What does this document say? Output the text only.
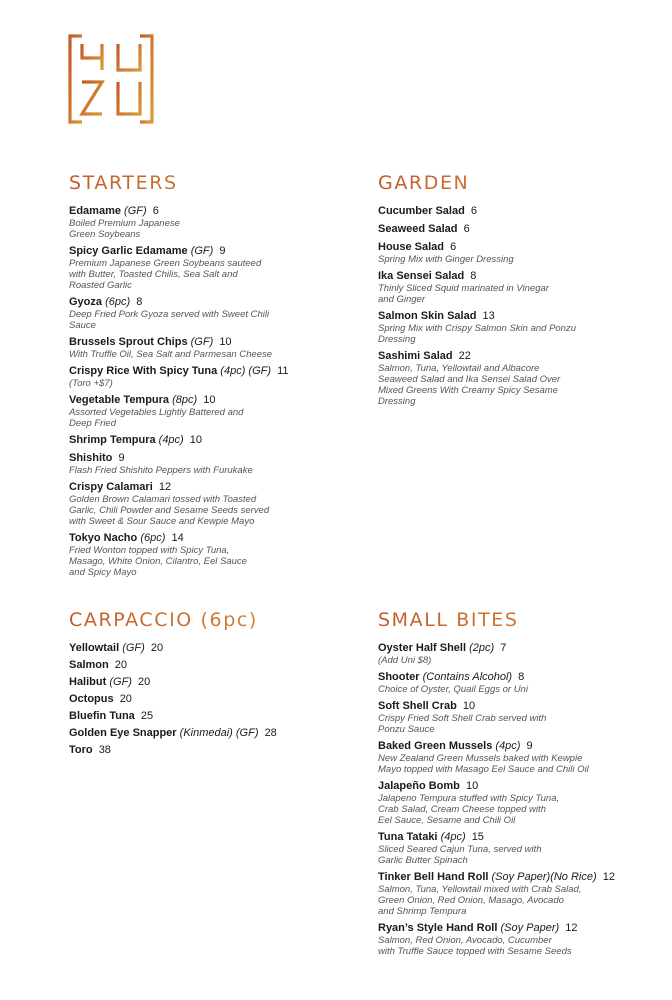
STARTERS
Edamame (GF) 6
Boiled Premium Japanese
Green Soybeans
Spicy Garlic Edamame (GF) 9
Premium Japanese Green Soybeans sauteed
with Butter, Toasted Chilis, Sea Salt and
Roasted Garlic
Gyoza (6pc) 8
Deep Fried Pork Gyoza served with Sweet Chili
Sauce
Brussels Sprout Chips (GF) 10
With Truffle Oil, Sea Salt and Parmesan Cheese
Crispy Rice With Spicy Tuna (4pc) (GF) 11
(Toro +$7)
Vegetable Tempura (8pc) 10
Assorted Vegetables Lightly Battered and
Deep Fried
Shrimp Tempura (4pc) 10
Shishito 9
Flash Fried Shishito Peppers with Furukake
Crispy Calamari 12
Golden Brown Calamari tossed with Toasted
Garlic, Chili Powder and Sesame Seeds served
with Sweet & Sour Sauce and Kewpie Mayo
Tokyo Nacho (6pc) 14
Fried Wonton topped with Spicy Tuna,
Masago, White Onion, Cilantro, Eel Sauce
and Spicy Mayo
GARDEN
Cucumber Salad 6
Seaweed Salad 6
House Salad 6
Spring Mix with Ginger Dressing
Ika Sensei Salad 8
Thinly Sliced Squid marinated in Vinegar
and Ginger
Salmon Skin Salad 13
Spring Mix with Crispy Salmon Skin and Ponzu
Dressing
Sashimi Salad 22
Salmon, Tuna, Yellowtail and Albacore
Seaweed Salad and Ika Sensei Salad Over
Mixed Greens With Creamy Spicy Sesame
Dressing
CARPACCIO (6pc)
Yellowtail (GF) 20
Salmon 20
Halibut (GF) 20
Octopus 20
Bluefin Tuna 25
Golden Eye Snapper (Kinmedai) (GF) 28
Toro 38
SMALL BITES
Oyster Half Shell (2pc) 7
(Add Uni $8)
Shooter (Contains Alcohol) 8
Choice of Oyster, Quail Eggs or Uni
Soft Shell Crab 10
Crispy Fried Soft Shell Crab served with
Ponzu Sauce
Baked Green Mussels (4pc) 9
New Zealand Green Mussels baked with Kewpie
Mayo topped with Masago Eel Sauce and Chili Oil
Jalapeño Bomb 10
Jalapeno Tempura stuffed with Spicy Tuna,
Crab Salad, Cream Cheese topped with
Eel Sauce, Sesame and Chili Oil
Tuna Tataki (4pc) 15
Sliced Seared Cajun Tuna, served with
Garlic Butter Spinach
Tinker Bell Hand Roll (Soy Paper)(No Rice) 12
Salmon, Tuna, Yellowtail mixed with Crab Salad,
Green Onion, Red Onion, Masago, Avocado
and Shrimp Tempura
Ryan’s Style Hand Roll (Soy Paper) 12
Salmon, Red Onion, Avocado, Cucumber
with Truffle Sauce topped with Sesame Seeds
